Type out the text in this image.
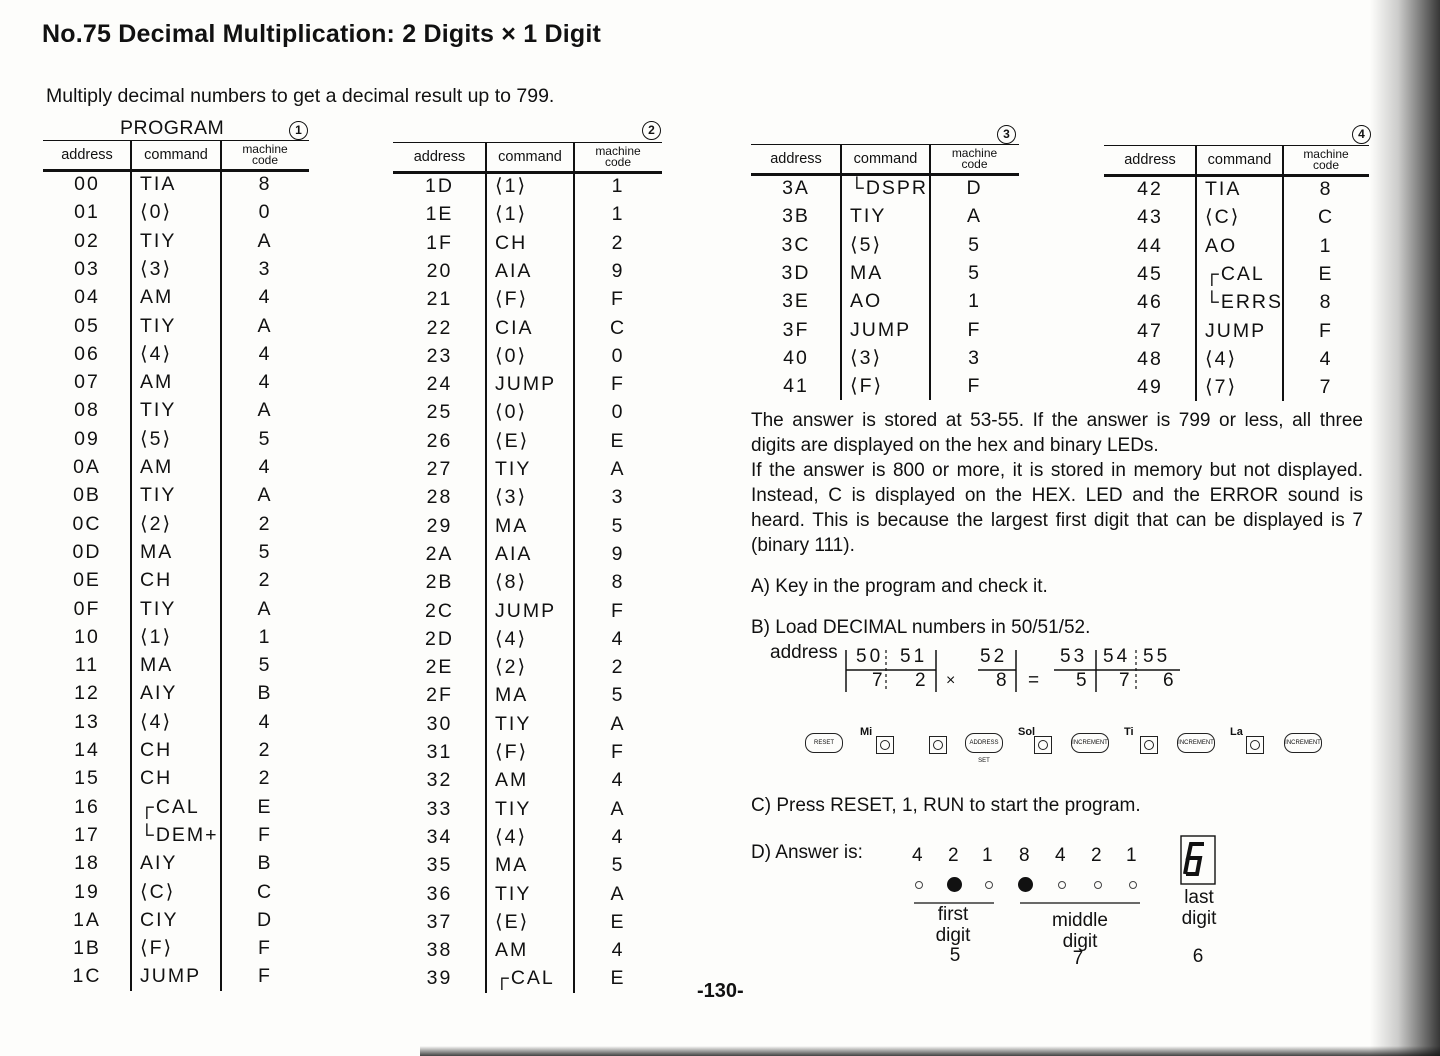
No.75 Decimal Multiplication: 2 Digits × 1 Digit
Multiply decimal numbers to get a decimal result up to 799.
PROGRAM	1	2	3	4
address	command	machine
code
00	TIA	8
01	⟨0⟩	0
02	TIY	A
03	⟨3⟩	3
04	AM	4
05	TIY	A
06	⟨4⟩	4
07	AM	4
08	TIY	A
09	⟨5⟩	5
0A	AM	4
0B	TIY	A
0C	⟨2⟩	2
0D	MA	5
0E	CH	2
0F	TIY	A
10	⟨1⟩	1
11	MA	5
12	AIY	B
13	⟨4⟩	4
14	CH	2
15	CH	2
16	┌CAL	E
17	└DEM+	F
18	AIY	B
19	⟨C⟩	C
1A	CIY	D
1B	⟨F⟩	F
1C	JUMP	F
address	command	machine
code
1D	⟨1⟩	1
1E	⟨1⟩	1
1F	CH	2
20	AIA	9
21	⟨F⟩	F
22	CIA	C
23	⟨0⟩	0
24	JUMP	F
25	⟨0⟩	0
26	⟨E⟩	E
27	TIY	A
28	⟨3⟩	3
29	MA	5
2A	AIA	9
2B	⟨8⟩	8
2C	JUMP	F
2D	⟨4⟩	4
2E	⟨2⟩	2
2F	MA	5
30	TIY	A
31	⟨F⟩	F
32	AM	4
33	TIY	A
34	⟨4⟩	4
35	MA	5
36	TIY	A
37	⟨E⟩	E
38	AM	4
39	┌CAL	E
address	command	machine
code
3A	└DSPR	D
3B	TIY	A
3C	⟨5⟩	5
3D	MA	5
3E	AO	1
3F	JUMP	F
40	⟨3⟩	3
41	⟨F⟩	F
address	command	machine
code
42	TIA	8
43	⟨C⟩	C
44	AO	1
45	┌CAL	E
46	└ERRS	8
47	JUMP	F
48	⟨4⟩	4
49	⟨7⟩	7

The answer is stored at 53-55. If the answer is 799 or less, all three digits are displayed on the hex and binary LEDs.

If the answer is 800 or more, it is stored in memory but not displayed. Instead, C is displayed on the HEX. LED and the ERROR sound is heard. This is because the largest first digit that can be displayed is 7 (binary 111).

A) Key in the program and check it.
B) Load DECIMAL numbers in 50/51/52.
address 50 51	52	53 54 55
7 2	8	5 7 6
×	=
RESET
Mi
ADDRESS SET
Sol
INCREMENT
Ti
INCREMENT
La
INCREMENT
C) Press RESET, 1, RUN to start the program.
D) Answer is:	4 2 1 8 4 2 1
first digit
5
middle digit
7
last digit
6
-130-
